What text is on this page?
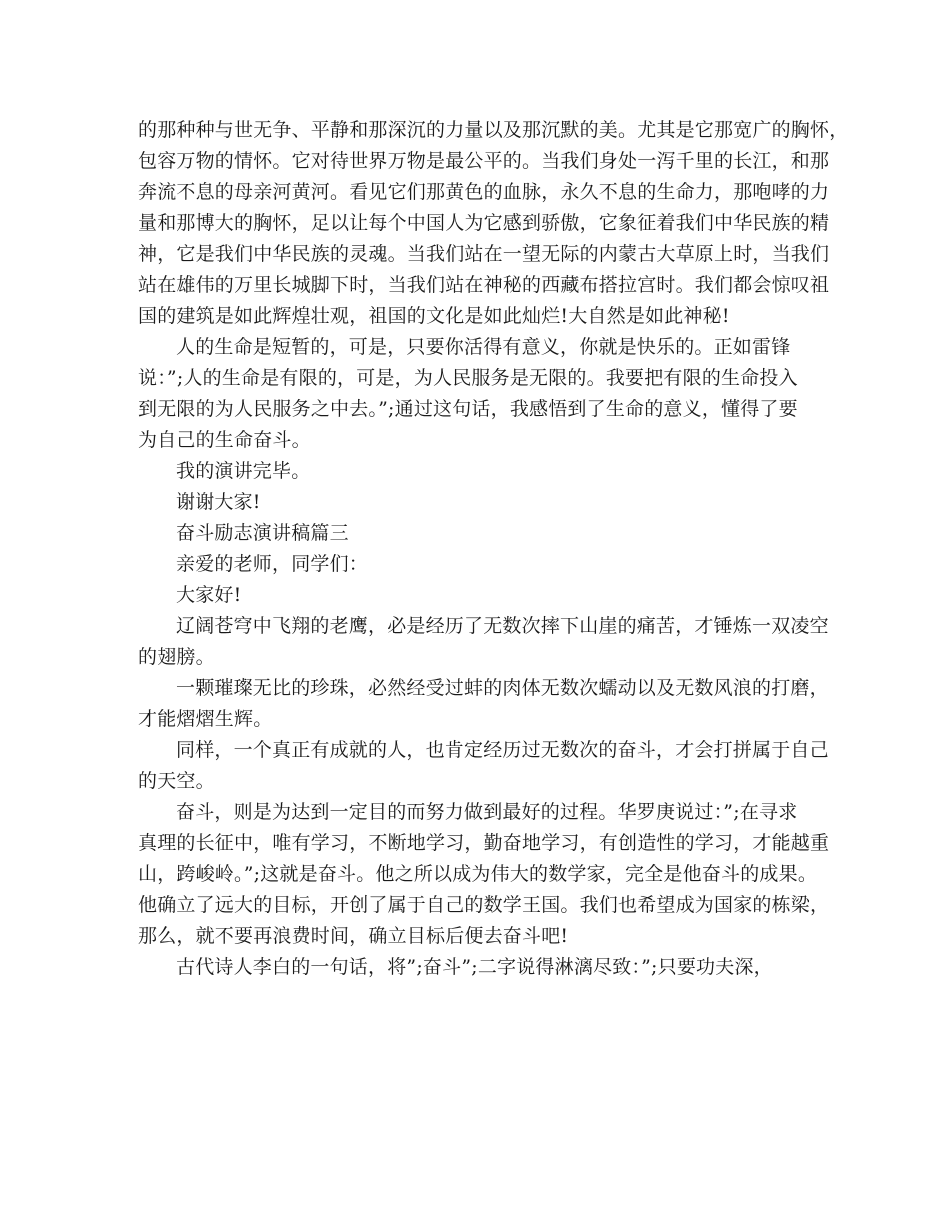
的那种种与世无争、平静和那深沉的力量以及那沉默的美。尤其是它那宽广的胸怀，
包容万物的情怀。它对待世界万物是最公平的。当我们身处一泻千里的长江，和那
奔流不息的母亲河黄河。看见它们那黄色的血脉，永久不息的生命力，那咆哮的力
量和那博大的胸怀，足以让每个中国人为它感到骄傲，它象征着我们中华民族的精
神，它是我们中华民族的灵魂。当我们站在一望无际的内蒙古大草原上时，当我们
站在雄伟的万里长城脚下时，当我们站在神秘的西藏布搭拉宫时。我们都会惊叹祖
国的建筑是如此辉煌壮观，祖国的文化是如此灿烂!大自然是如此神秘!

人的生命是短暂的，可是，只要你活得有意义，你就是快乐的。正如雷锋
说：”;人的生命是有限的，可是，为人民服务是无限的。我要把有限的生命投入
到无限的为人民服务之中去。”;通过这句话，我感悟到了生命的意义，懂得了要
为自己的生命奋斗。

我的演讲完毕。

谢谢大家!

奋斗励志演讲稿篇三

亲爱的老师，同学们：

大家好!

辽阔苍穹中飞翔的老鹰，必是经历了无数次摔下山崖的痛苦，才锤炼一双凌空
的翅膀。

一颗璀璨无比的珍珠，必然经受过蚌的肉体无数次蠕动以及无数风浪的打磨，
才能熠熠生辉。

同样，一个真正有成就的人，也肯定经历过无数次的奋斗，才会打拼属于自己
的天空。

奋斗，则是为达到一定目的而努力做到最好的过程。华罗庚说过：”;在寻求
真理的长征中，唯有学习，不断地学习，勤奋地学习，有创造性的学习，才能越重
山，跨峻岭。”;这就是奋斗。他之所以成为伟大的数学家，完全是他奋斗的成果。
他确立了远大的目标，开创了属于自己的数学王国。我们也希望成为国家的栋梁，
那么，就不要再浪费时间，确立目标后便去奋斗吧!

古代诗人李白的一句话，将”;奋斗”;二字说得淋漓尽致：”;只要功夫深，
